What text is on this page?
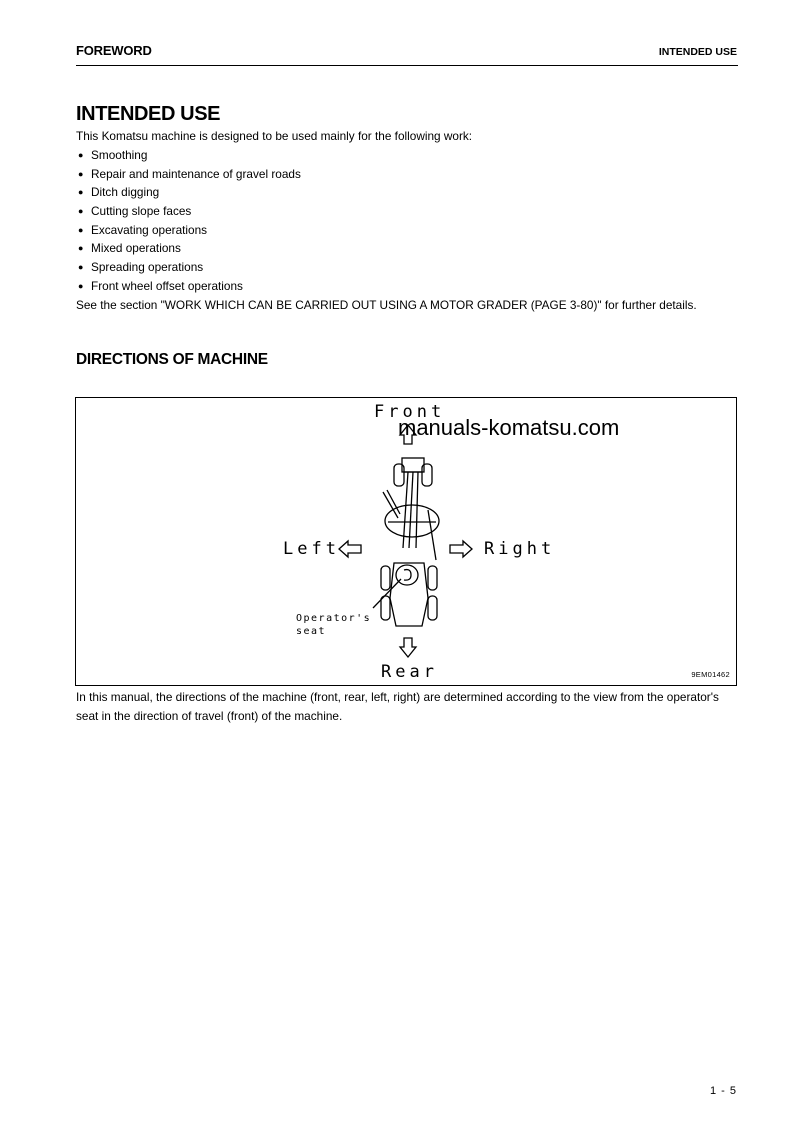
FOREWORD	INTENDED USE
INTENDED USE
This Komatsu machine is designed to be used mainly for the following work:
● Smoothing
● Repair and maintenance of gravel roads
● Ditch digging
● Cutting slope faces
● Excavating operations
● Mixed operations
● Spreading operations
● Front wheel offset operations
See the section "WORK WHICH CAN BE CARRIED OUT USING A MOTOR GRADER (PAGE 3-80)" for further details.
DIRECTIONS OF MACHINE
Front
Rear
Left	Right
Operator's seat
9EM01462
manuals-komatsu.com
In this manual, the directions of the machine (front, rear, left, right) are determined according to the view from the operator's seat in the direction of travel (front) of the machine.
1 - 5
